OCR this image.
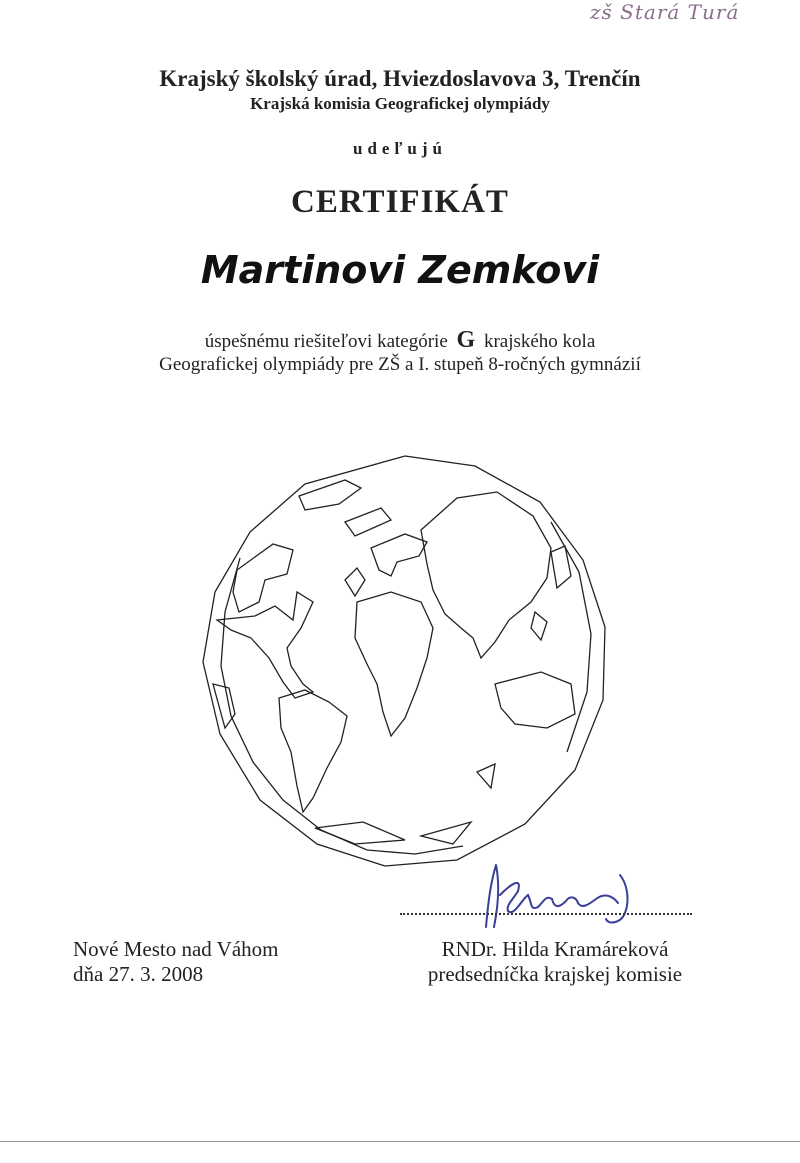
zš Stará Turá
Krajský školský úrad, Hviezdoslavova 3, Trenčín
Krajská komisia Geografickej olympiády
udeľujú
CERTIFIKÁT
Martinovi Zemkovi
úspešnému riešiteľovi kategórie G krajského kola
Geografickej olympiády pre ZŠ a I. stupeň 8-ročných gymnázií
Nové Mesto nad Váhom
dňa 27. 3. 2008
RNDr. Hilda Kramáreková
predsedníčka krajskej komisie
